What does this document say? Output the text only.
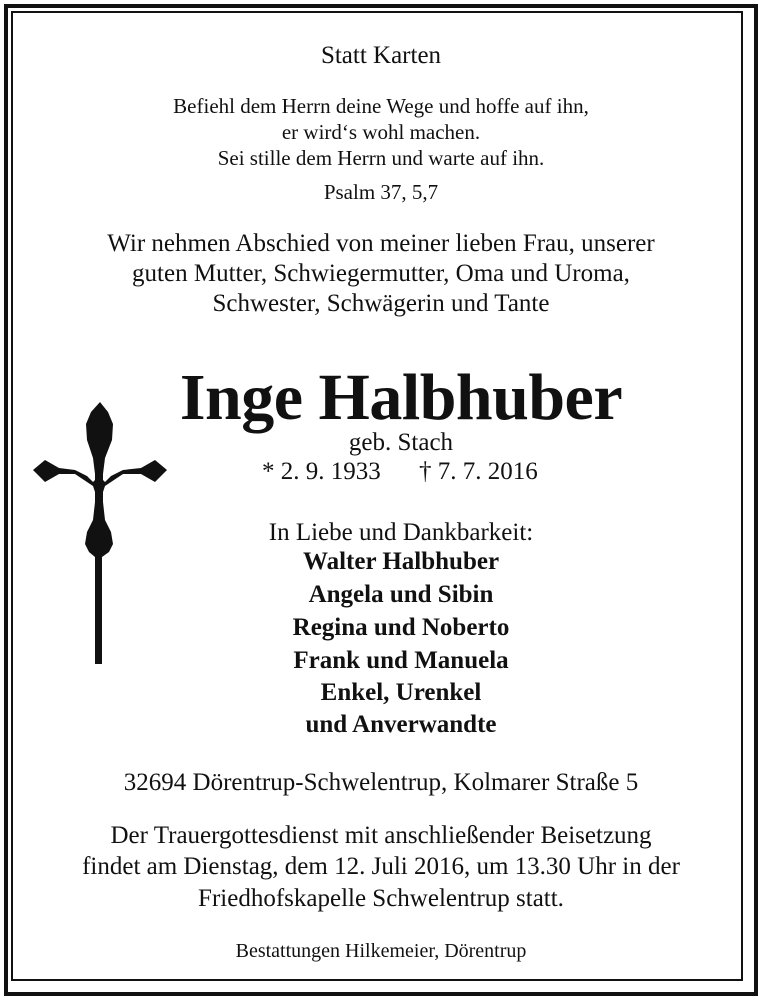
Statt Karten

Befiehl dem Herrn deine Wege und hoffe auf ihn,

er wird‘s wohl machen.

Sei stille dem Herrn und warte auf ihn.

Psalm 37, 5,7

Wir nehmen Abschied von meiner lieben Frau, unserer

guten Mutter, Schwiegermutter, Oma und Uroma,

Schwester, Schwägerin und Tante

Inge Halbhuber

geb. Stach

* 2. 9. 1933 † 7. 7. 2016

In Liebe und Dankbarkeit:

Walter Halbhuber

Angela und Sibin

Regina und Noberto

Frank und Manuela

Enkel, Urenkel

und Anverwandte

32694 Dörentrup-Schwelentrup, Kolmarer Straße 5

Der Trauergottesdienst mit anschließender Beisetzung

findet am Dienstag, dem 12. Juli 2016, um 13.30 Uhr in der

Friedhofskapelle Schwelentrup statt.

Bestattungen Hilkemeier, Dörentrup
